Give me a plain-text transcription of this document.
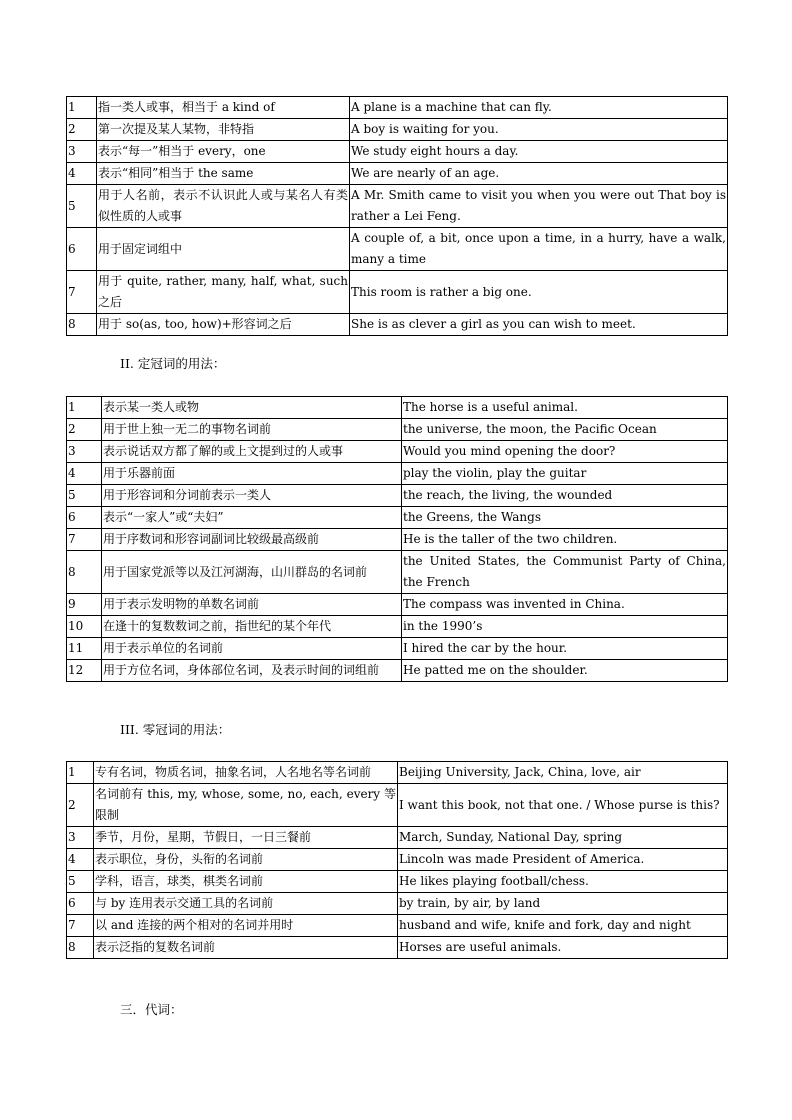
1	指一类人或事，相当于 a kind of	A plane is a machine that can fly.
2	第一次提及某人某物，非特指	A boy is waiting for you.
3	表示“每一”相当于 every，one	We study eight hours a day.
4	表示“相同”相当于 the same	We are nearly of an age.
5	用于人名前，表示不认识此人或与某名人有类似性质的人或事	A Mr. Smith came to visit you when you were out That boy is rather a Lei Feng.
6	用于固定词组中	A couple of, a bit, once upon a time, in a hurry, have a walk, many a time
7	用于 quite, rather, many, half, what, such 之后	This room is rather a big one.
8	用于 so(as, too, how)+形容词之后	She is as clever a girl as you can wish to meet.
II. 定冠词的用法：
1	表示某一类人或物	The horse is a useful animal.
2	用于世上独一无二的事物名词前	the universe, the moon, the Pacific Ocean
3	表示说话双方都了解的或上文提到过的人或事	Would you mind opening the door?
4	用于乐器前面	play the violin, play the guitar
5	用于形容词和分词前表示一类人	the reach, the living, the wounded
6	表示“一家人”或“夫妇”	the Greens, the Wangs
7	用于序数词和形容词副词比较级最高级前	He is the taller of the two children.
8	用于国家党派等以及江河湖海，山川群岛的名词前	the United States, the Communist Party of China, the French
9	用于表示发明物的单数名词前	The compass was invented in China.
10	在逢十的复数数词之前，指世纪的某个年代	in the 1990’s
11	用于表示单位的名词前	I hired the car by the hour.
12	用于方位名词，身体部位名词，及表示时间的词组前	He patted me on the shoulder.
III. 零冠词的用法：
1	专有名词，物质名词，抽象名词，人名地名等名词前	Beijing University, Jack, China, love, air
2	名词前有 this, my, whose, some, no, each, every 等限制	I want this book, not that one. / Whose purse is this?
3	季节，月份，星期，节假日，一日三餐前	March, Sunday, National Day, spring
4	表示职位，身份，头衔的名词前	Lincoln was made President of America.
5	学科，语言，球类，棋类名词前	He likes playing football/chess.
6	与 by 连用表示交通工具的名词前	by train, by air, by land
7	以 and 连接的两个相对的名词并用时	husband and wife, knife and fork, day and night
8	表示泛指的复数名词前	Horses are useful animals.
三．代词：
